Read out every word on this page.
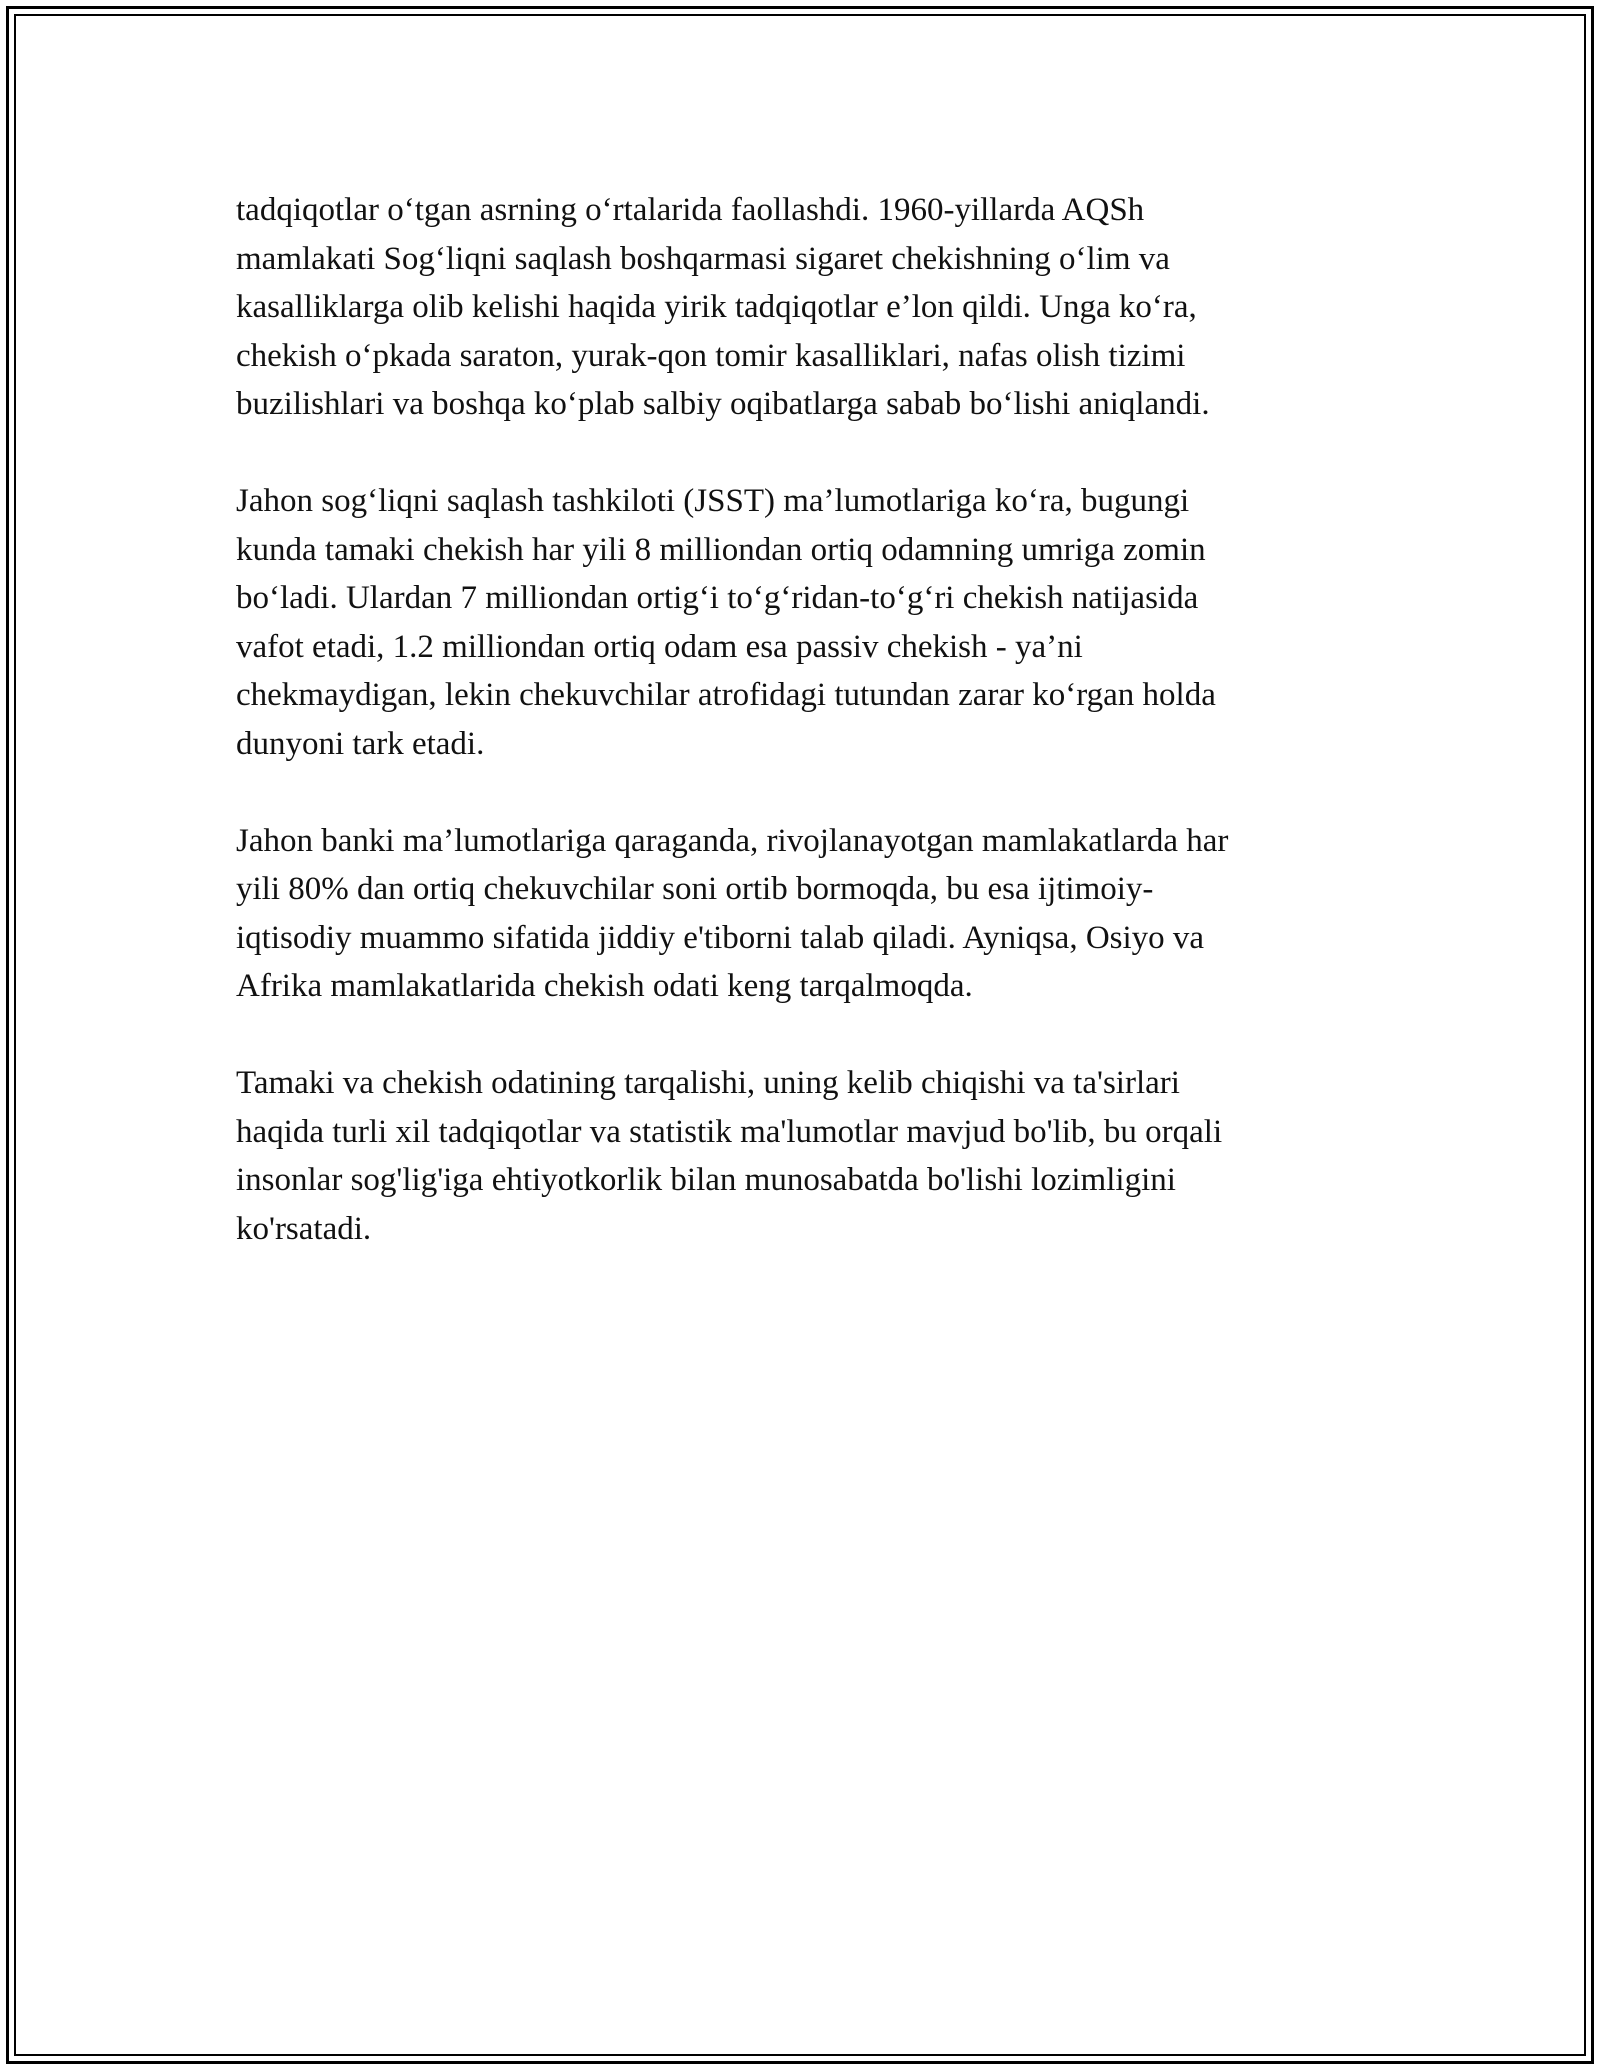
tadqiqotlar o‘tgan asrning o‘rtalarida faollashdi. 1960-yillarda AQSh
mamlakati Sog‘liqni saqlash boshqarmasi sigaret chekishning o‘lim va
kasalliklarga olib kelishi haqida yirik tadqiqotlar e’lon qildi. Unga ko‘ra,
chekish o‘pkada saraton, yurak-qon tomir kasalliklari, nafas olish tizimi
buzilishlari va boshqa ko‘plab salbiy oqibatlarga sabab bo‘lishi aniqlandi.

Jahon sog‘liqni saqlash tashkiloti (JSST) ma’lumotlariga ko‘ra, bugungi
kunda tamaki chekish har yili 8 milliondan ortiq odamning umriga zomin
bo‘ladi. Ulardan 7 milliondan ortig‘i to‘g‘ridan-to‘g‘ri chekish natijasida
vafot etadi, 1.2 milliondan ortiq odam esa passiv chekish - ya’ni
chekmaydigan, lekin chekuvchilar atrofidagi tutundan zarar ko‘rgan holda
dunyoni tark etadi.

Jahon banki ma’lumotlariga qaraganda, rivojlanayotgan mamlakatlarda har
yili 80% dan ortiq chekuvchilar soni ortib bormoqda, bu esa ijtimoiy-
iqtisodiy muammo sifatida jiddiy e'tiborni talab qiladi. Ayniqsa, Osiyo va
Afrika mamlakatlarida chekish odati keng tarqalmoqda.

Tamaki va chekish odatining tarqalishi, uning kelib chiqishi va ta'sirlari
haqida turli xil tadqiqotlar va statistik ma'lumotlar mavjud bo'lib, bu orqali
insonlar sog'lig'iga ehtiyotkorlik bilan munosabatda bo'lishi lozimligini
ko'rsatadi.
